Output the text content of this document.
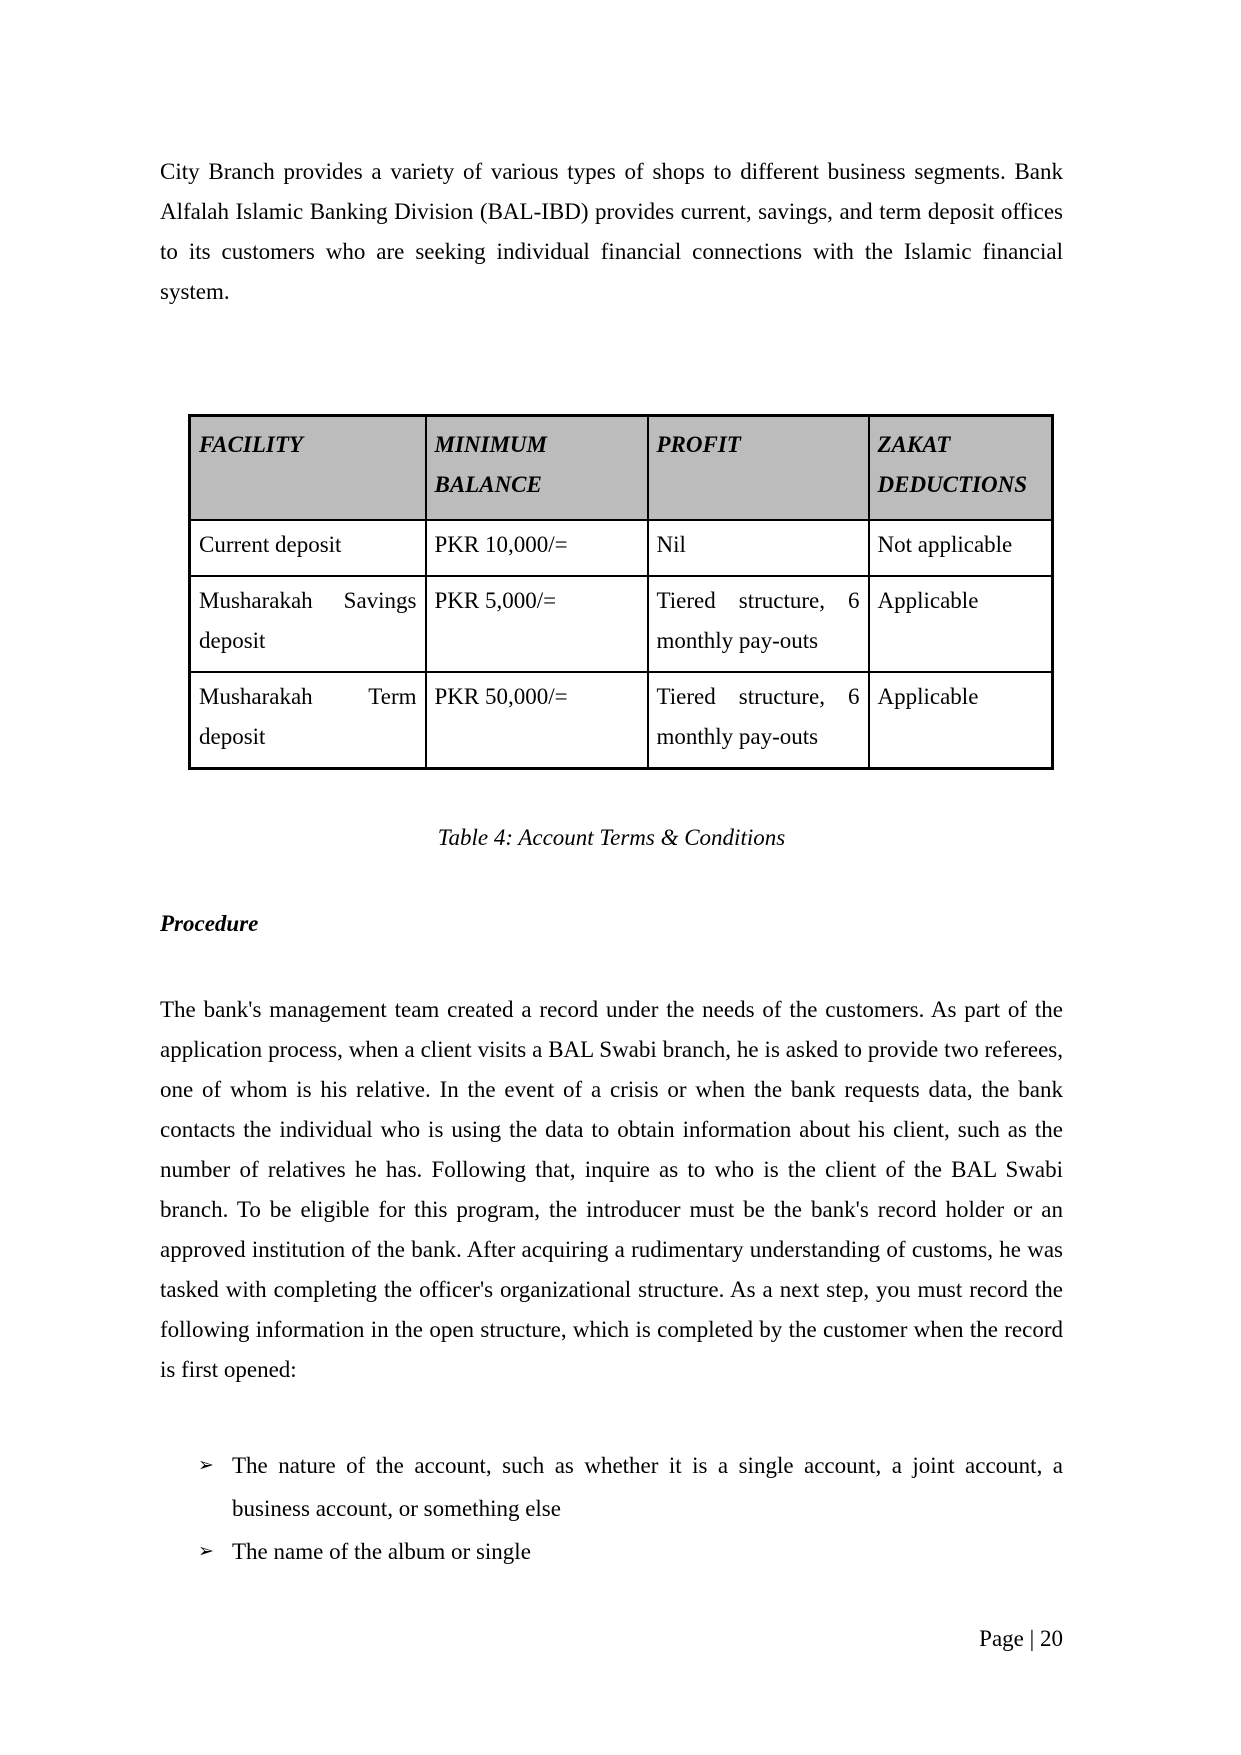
City Branch provides a variety of various types of shops to different business segments. Bank Alfalah Islamic Banking Division (BAL-IBD) provides current, savings, and term deposit offices to its customers who are seeking individual financial connections with the Islamic financial system.

FACILITY	MINIMUM BALANCE	PROFIT	ZAKAT DEDUCTIONS
Current deposit	PKR 10,000/=	Nil	Not applicable
Musharakah Savings deposit	PKR 5,000/=	Tiered structure, 6 monthly pay-outs	Applicable
Musharakah Term deposit	PKR 50,000/=	Tiered structure, 6 monthly pay-outs	Applicable

Table 4: Account Terms & Conditions

Procedure

The bank's management team created a record under the needs of the customers. As part of the application process, when a client visits a BAL Swabi branch, he is asked to provide two referees, one of whom is his relative. In the event of a crisis or when the bank requests data, the bank contacts the individual who is using the data to obtain information about his client, such as the number of relatives he has. Following that, inquire as to who is the client of the BAL Swabi branch. To be eligible for this program, the introducer must be the bank's record holder or an approved institution of the bank. After acquiring a rudimentary understanding of customs, he was tasked with completing the officer's organizational structure. As a next step, you must record the following information in the open structure, which is completed by the customer when the record is first opened:

➢ The nature of the account, such as whether it is a single account, a joint account, a business account, or something else
➢ The name of the album or single
Page | 20
